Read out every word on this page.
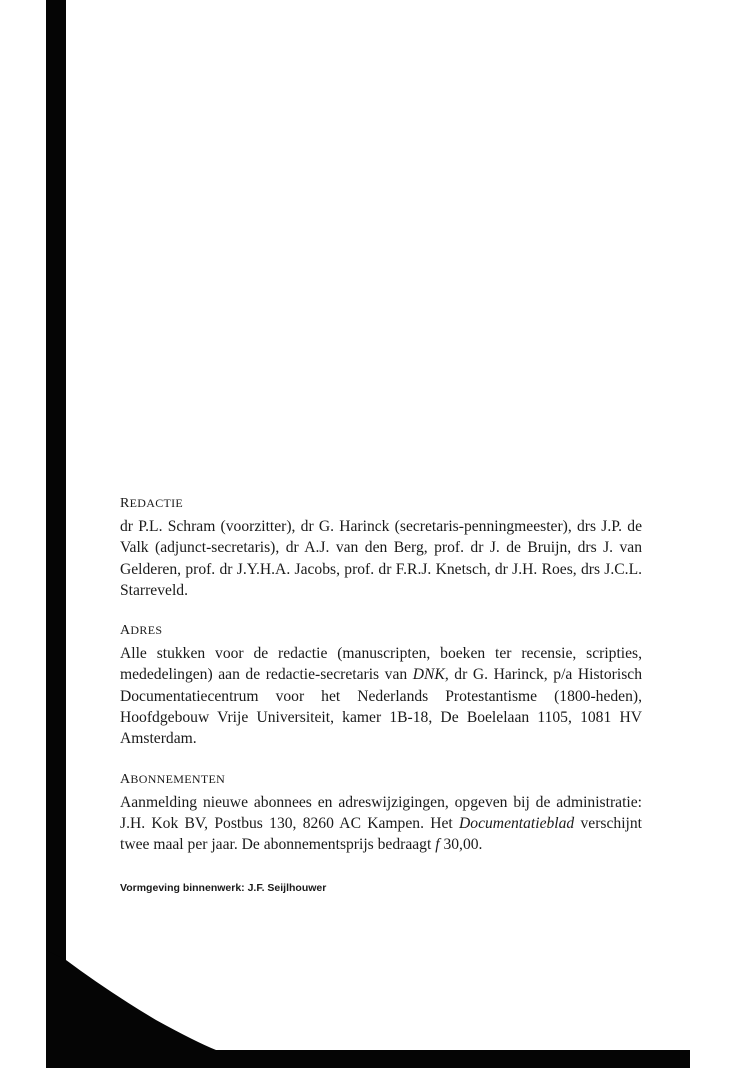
REDACTIE

dr P.L. Schram (voorzitter), dr G. Harinck (secretaris-penningmeester), drs J.P. de Valk (adjunct-secretaris), dr A.J. van den Berg, prof. dr J. de Bruijn, drs J. van Gelderen, prof. dr J.Y.H.A. Jacobs, prof. dr F.R.J. Knetsch, dr J.H. Roes, drs J.C.L. Starreveld.

ADRES

Alle stukken voor de redactie (manuscripten, boeken ter recensie, scripties, mededelingen) aan de redactie-secretaris van DNK, dr G. Harinck, p/a Historisch Documentatiecentrum voor het Nederlands Protestantisme (1800-heden), Hoofdgebouw Vrije Universiteit, kamer 1B-18, De Boelelaan 1105, 1081 HV Amsterdam.

ABONNEMENTEN

Aanmelding nieuwe abonnees en adreswijzigingen, opgeven bij de administratie: J.H. Kok BV, Postbus 130, 8260 AC Kampen. Het Documentatieblad verschijnt twee maal per jaar. De abonnementsprijs bedraagt f 30,00.

Vormgeving binnenwerk: J.F. Seijlhouwer
